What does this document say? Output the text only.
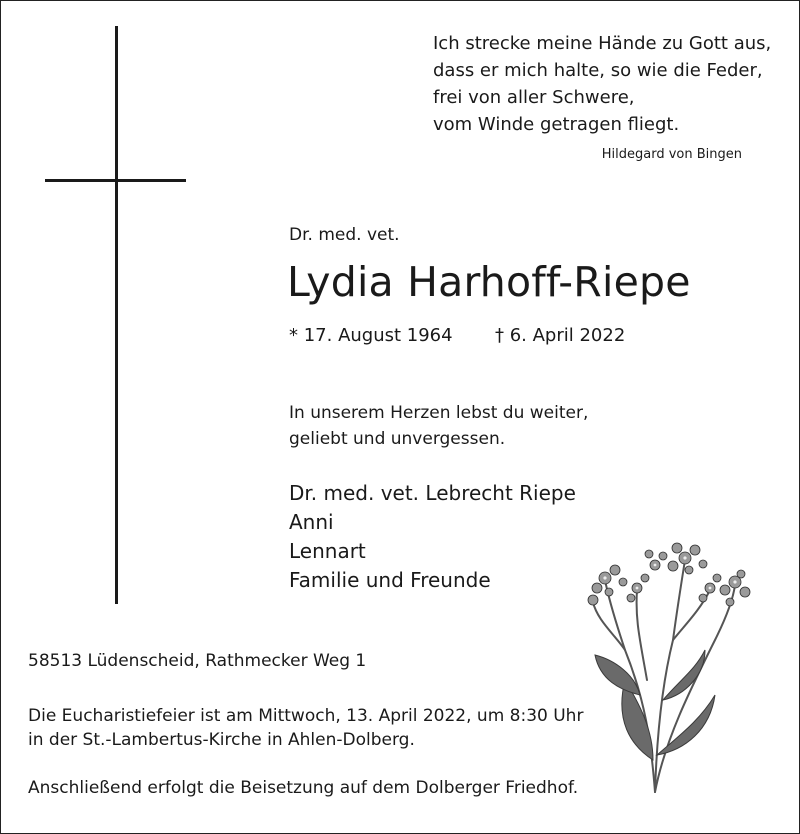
Ich strecke meine Hände zu Gott aus,
dass er mich halte, so wie die Feder,
frei von aller Schwere,
vom Winde getragen fliegt.
Hildegard von Bingen
Dr. med. vet.
Lydia Harhoff-Riepe
* 17. August 1964 † 6. April 2022
In unserem Herzen lebst du weiter,
geliebt und unvergessen.
Dr. med. vet. Lebrecht Riepe
Anni
Lennart
Familie und Freunde
58513 Lüdenscheid, Rathmecker Weg 1
Die Eucharistiefeier ist am Mittwoch, 13. April 2022, um 8:30 Uhr
in der St.-Lambertus-Kirche in Ahlen-Dolberg.
Anschließend erfolgt die Beisetzung auf dem Dolberger Friedhof.
